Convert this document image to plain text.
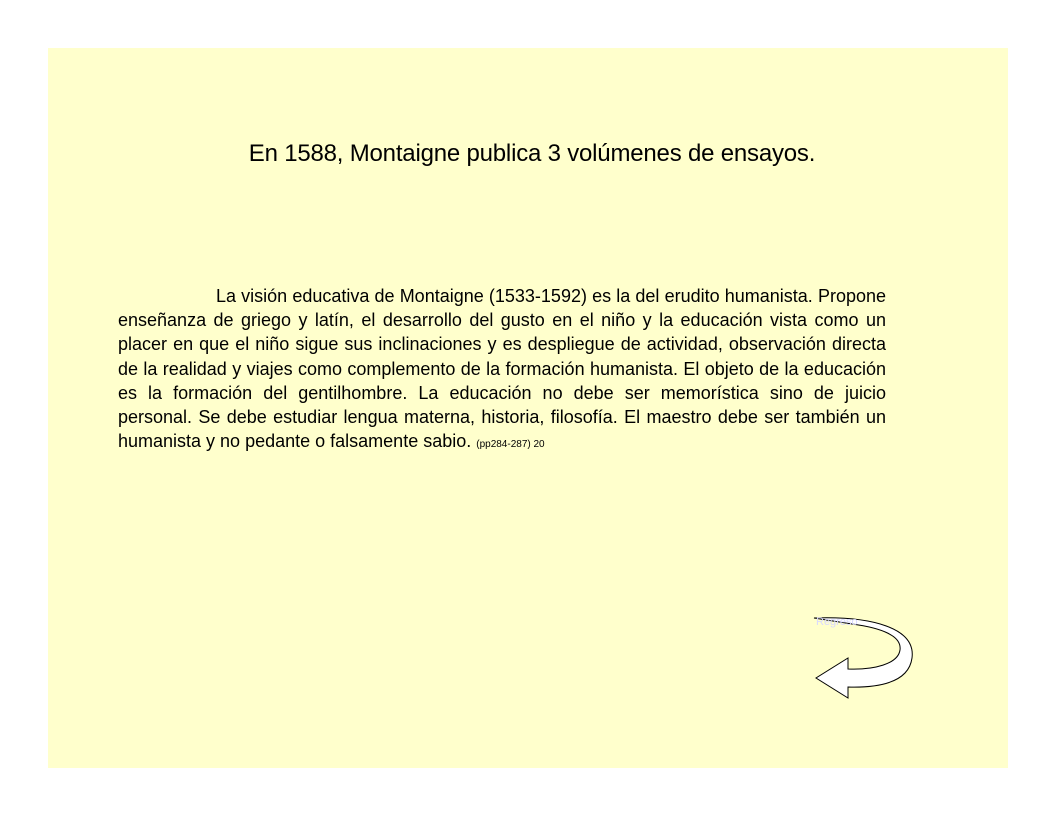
En 1588, Montaigne publica 3 volúmenes de ensayos.

La visión educativa de Montaigne (1533-1592) es la del erudito humanista. Propone enseñanza de griego y latín, el desarrollo del gusto en el niño y la educación vista como un placer en que el niño sigue sus inclinaciones y es despliegue de actividad, observación directa de la realidad y viajes como complemento de la formación humanista. El objeto de la educación es la formación del gentilhombre. La educación no debe ser memorística sino de juicio personal. Se debe estudiar lengua materna, historia, filosofía. El maestro debe ser también un humanista y no pedante o falsamente sabio. (pp284-287) 20

Regreso
